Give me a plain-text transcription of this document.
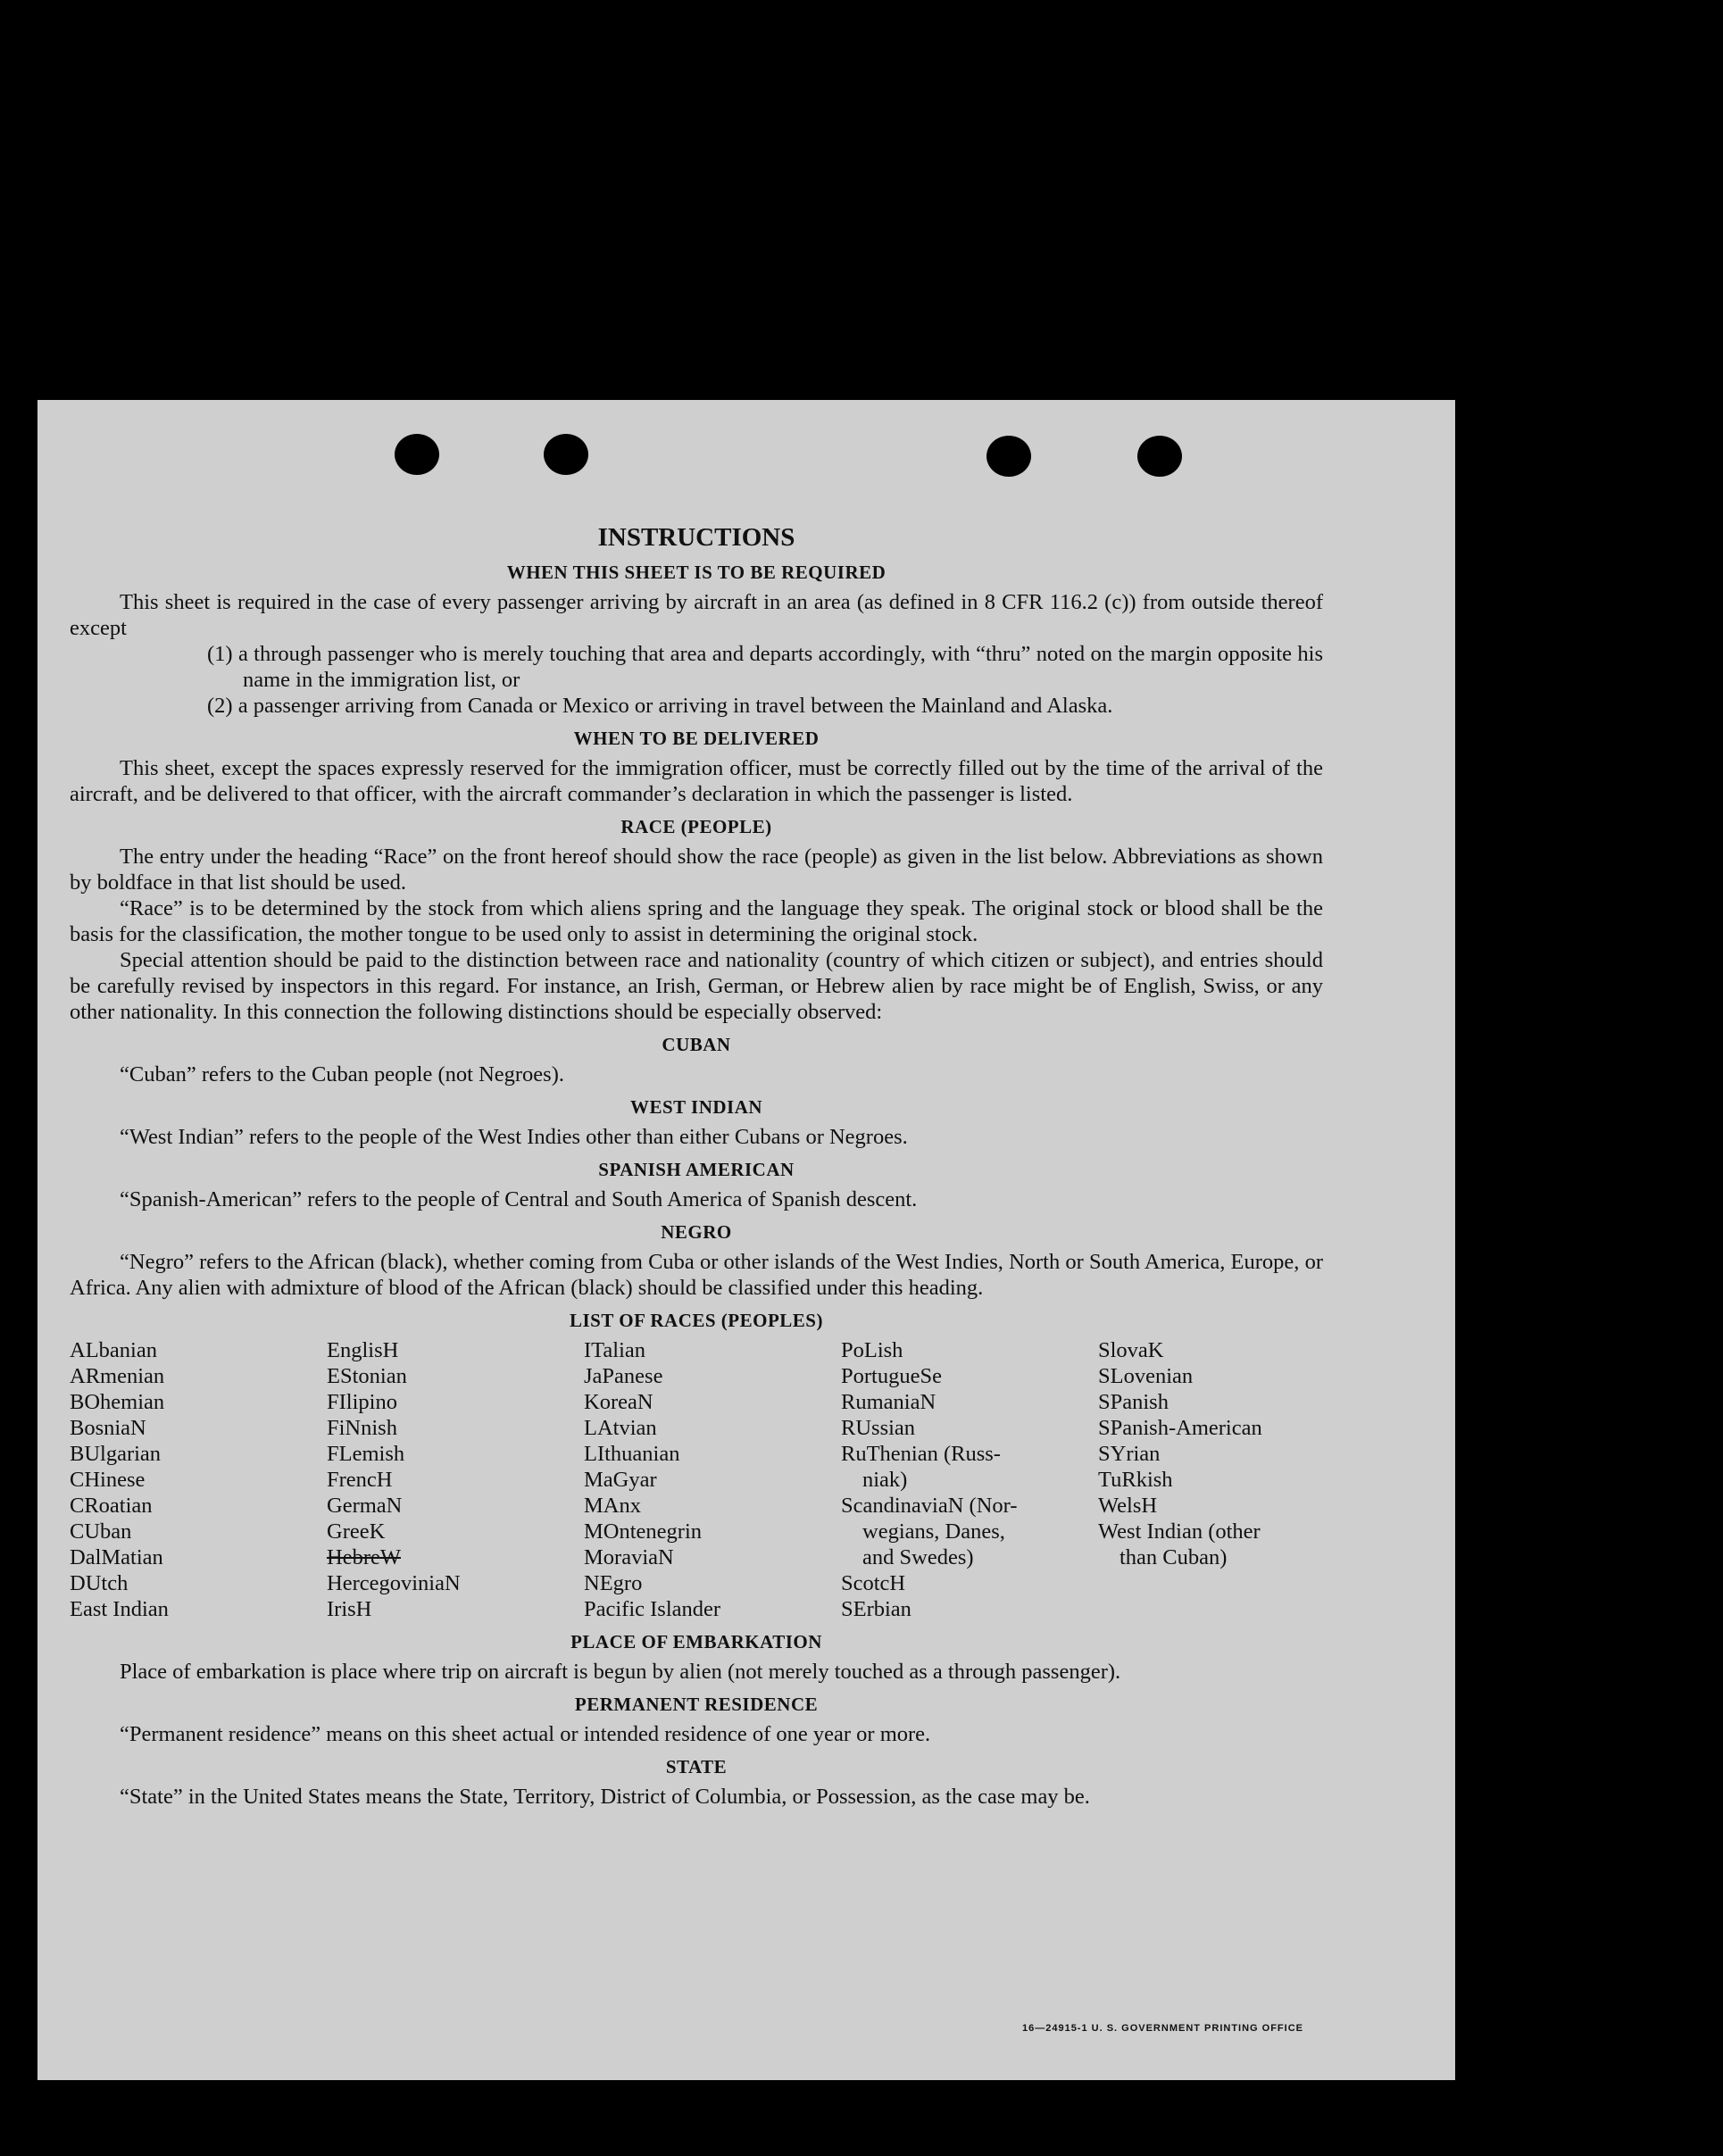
INSTRUCTIONS
WHEN THIS SHEET IS TO BE REQUIRED

This sheet is required in the case of every passenger arriving by aircraft in an area (as defined in 8 CFR 116.2 (c)) from outside thereof except

(1) a through passenger who is merely touching that area and departs accordingly, with “thru” noted on the margin opposite his name in the immigration list, or
(2) a passenger arriving from Canada or Mexico or arriving in travel between the Mainland and Alaska.
WHEN TO BE DELIVERED

This sheet, except the spaces expressly reserved for the immigration officer, must be correctly filled out by the time of the arrival of the aircraft, and be delivered to that officer, with the aircraft commander’s declaration in which the passenger is listed.

RACE (PEOPLE)

The entry under the heading “Race” on the front hereof should show the race (people) as given in the list below. Abbreviations as shown by boldface in that list should be used.

“Race” is to be determined by the stock from which aliens spring and the language they speak. The original stock or blood shall be the basis for the classification, the mother tongue to be used only to assist in determining the original stock.

Special attention should be paid to the distinction between race and nationality (country of which citizen or subject), and entries should be carefully revised by inspectors in this regard. For instance, an Irish, German, or Hebrew alien by race might be of English, Swiss, or any other nationality. In this connection the following distinctions should be especially observed:

CUBAN

“Cuban” refers to the Cuban people (not Negroes).

WEST INDIAN

“West Indian” refers to the people of the West Indies other than either Cubans or Negroes.

SPANISH AMERICAN

“Spanish-American” refers to the people of Central and South America of Spanish descent.

NEGRO

“Negro” refers to the African (black), whether coming from Cuba or other islands of the West Indies, North or South America, Europe, or Africa. Any alien with admixture of blood of the African (black) should be classified under this heading.

LIST OF RACES (PEOPLES)
ALbanian	EnglisH	ITalian	PoLish	SlovaK
ARmenian	EStonian	JaPanese	PortugueSe	SLovenian
BOhemian	FIlipino	KoreaN	RumaniaN	SPanish
BosniaN	FiNnish	LAtvian	RUssian	SPanish-American
BUlgarian	FLemish	LIthuanian	RuThenian (Russ-	SYrian
CHinese	FrencH	MaGyar	niak)	TuRkish
CRoatian	GermaN	MAnx	ScandinaviaN (Nor-	WelsH
CUban	GreeK	MOntenegrin	wegians, Danes,	West Indian (other
DalMatian	HebreW	MoraviaN	and Swedes)	than Cuban)
DUtch	HercegoviniaN	NEgro	ScotcH
East Indian	IrisH	Pacific Islander	SErbian
PLACE OF EMBARKATION

Place of embarkation is place where trip on aircraft is begun by alien (not merely touched as a through passenger).

PERMANENT RESIDENCE

“Permanent residence” means on this sheet actual or intended residence of one year or more.

STATE

“State” in the United States means the State, Territory, District of Columbia, or Possession, as the case may be.

16—24915-1 U. S. GOVERNMENT PRINTING OFFICE
